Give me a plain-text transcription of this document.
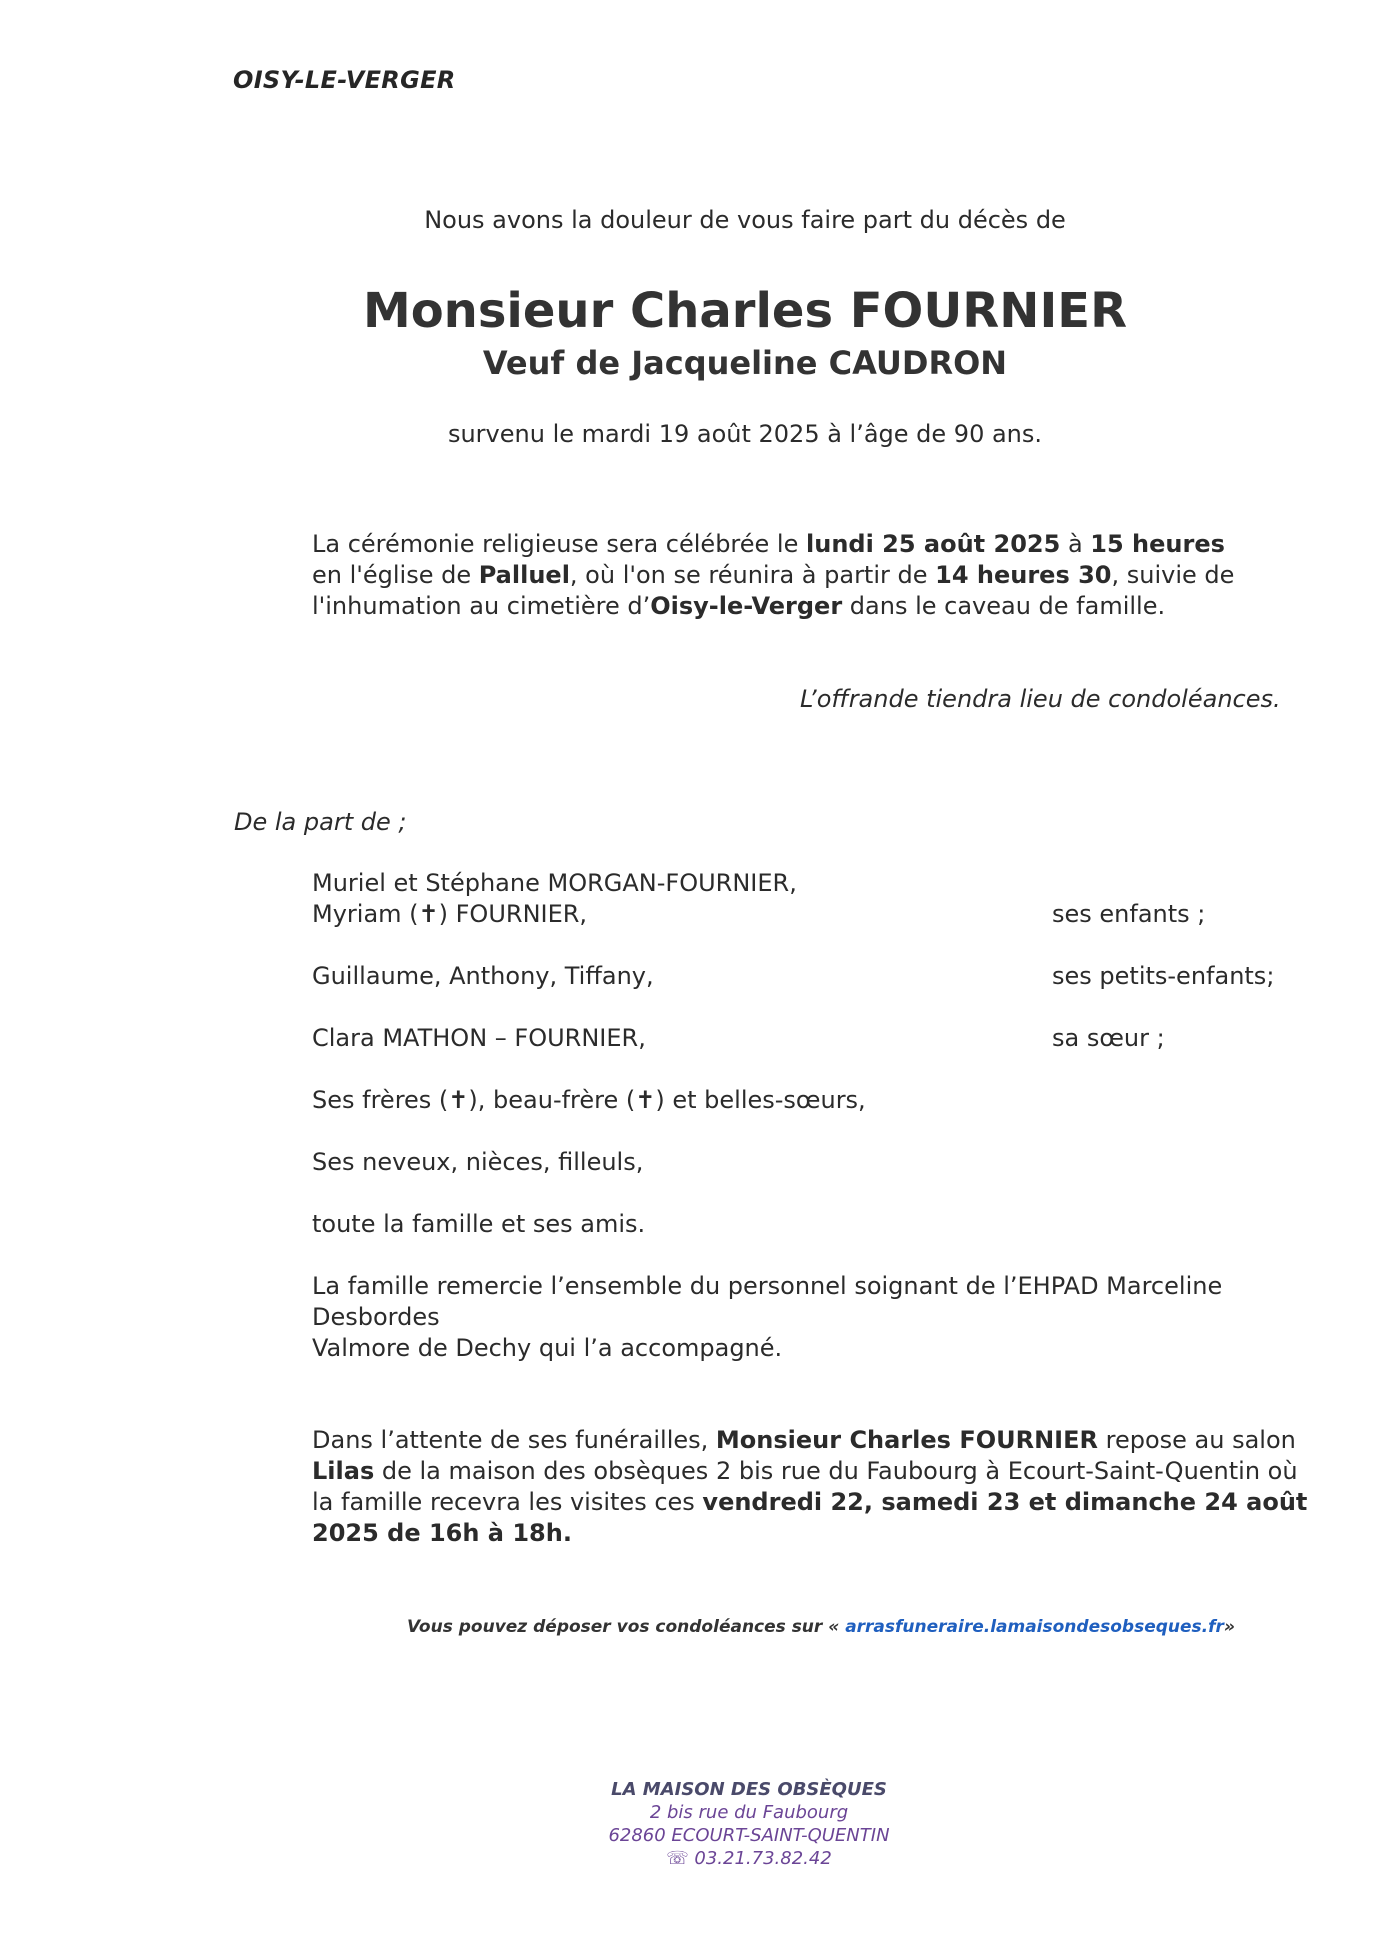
OISY-LE-VERGER
Nous avons la douleur de vous faire part du décès de
Monsieur Charles FOURNIER
Veuf de Jacqueline CAUDRON
survenu le mardi 19 août 2025 à l’âge de 90 ans.
La cérémonie religieuse sera célébrée le lundi 25 août 2025 à 15 heures
en l'église de Palluel, où l'on se réunira à partir de 14 heures 30, suivie de
l'inhumation au cimetière d’Oisy-le-Verger dans le caveau de famille.
L’offrande tiendra lieu de condoléances.
De la part de ;
Muriel et Stéphane MORGAN-FOURNIER,
Myriam (✝) FOURNIER,	ses enfants ;
Guillaume, Anthony, Tiffany,	ses petits-enfants;
Clara MATHON – FOURNIER,	sa sœur ;
Ses frères (✝), beau-frère (✝) et belles-sœurs,
Ses neveux, nièces, filleuls,
toute la famille et ses amis.
La famille remercie l’ensemble du personnel soignant de l’EHPAD Marceline Desbordes
Valmore de Dechy qui l’a accompagné.
Dans l’attente de ses funérailles, Monsieur Charles FOURNIER repose au salon
Lilas de la maison des obsèques 2 bis rue du Faubourg à Ecourt-Saint-Quentin où
la famille recevra les visites ces vendredi 22, samedi 23 et dimanche 24 août
2025 de 16h à 18h.
Vous pouvez déposer vos condoléances sur « arrasfuneraire.lamaisondesobseques.fr»
LA MAISON DES OBSÈQUES
2 bis rue du Faubourg
62860 ECOURT-SAINT-QUENTIN
☏ 03.21.73.82.42
